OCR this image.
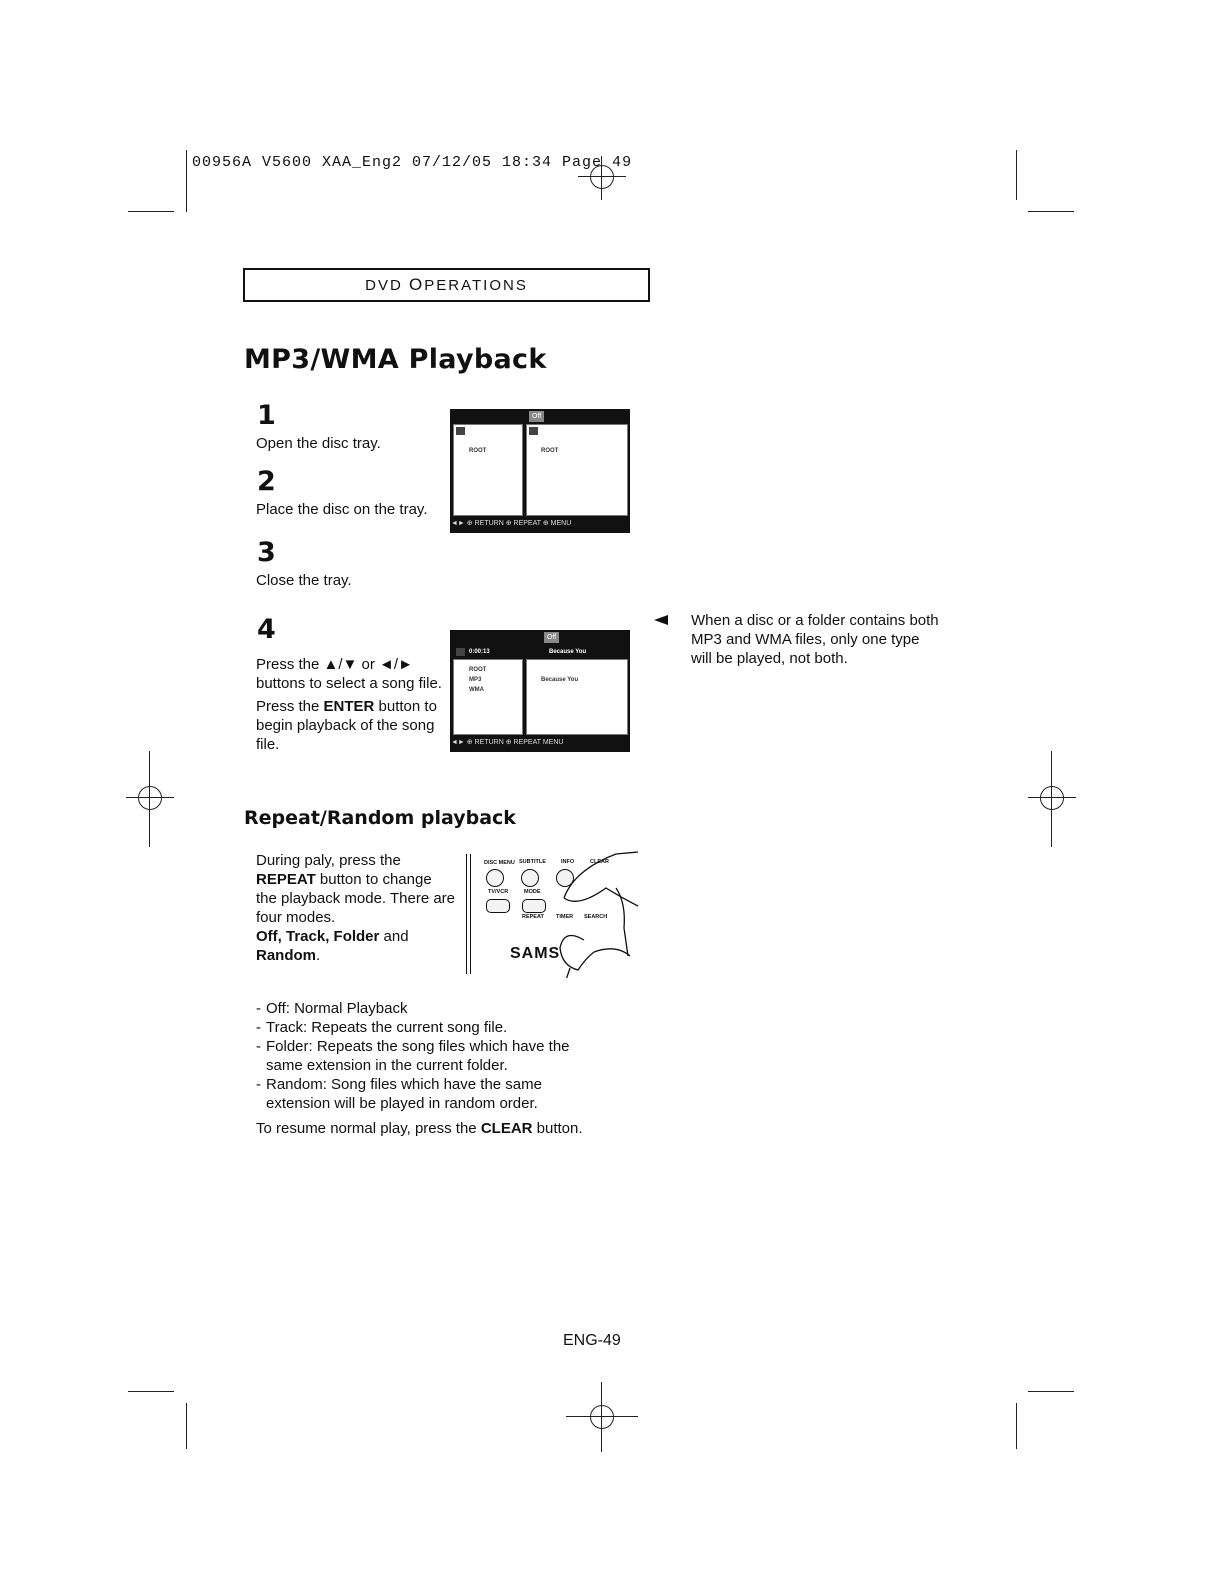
00956A V5600 XAA_Eng2 07/12/05 18:34 Page 49
DVD OPERATIONS
MP3/WMA Playback
1
Open the disc tray.
2
Place the disc on the tray.
3
Close the tray.
Off
ROOT	ROOT
◄► ⊕ RETURN ⊕ REPEAT ⊕ MENU
4
Press the ▲/▼ or ◄/►
buttons to select a song file.
Press the ENTER button to begin playback of the song file.
Off
0:00:13	Because You
ROOT
MP3
WMA
Because You
◄► ⊕ RETURN ⊕ REPEAT MENU
When a disc or a folder contains both MP3 and WMA files, only one type will be played, not both.
Repeat/Random playback
During paly, press the
REPEAT button to change the playback mode. There are four modes.
Off, Track, Folder and
Random.
DISC MENU SUBTITLE	INFO	CLEAR
TV/VCR	MODE
REPEAT TIMER SEARCH
SAMS
- Off: Normal Playback
- Track: Repeats the current song file.
- Folder: Repeats the song files which have the same extension in the current folder.
- Random: Song files which have the same extension will be played in random order.
To resume normal play, press the CLEAR button.
ENG-49
